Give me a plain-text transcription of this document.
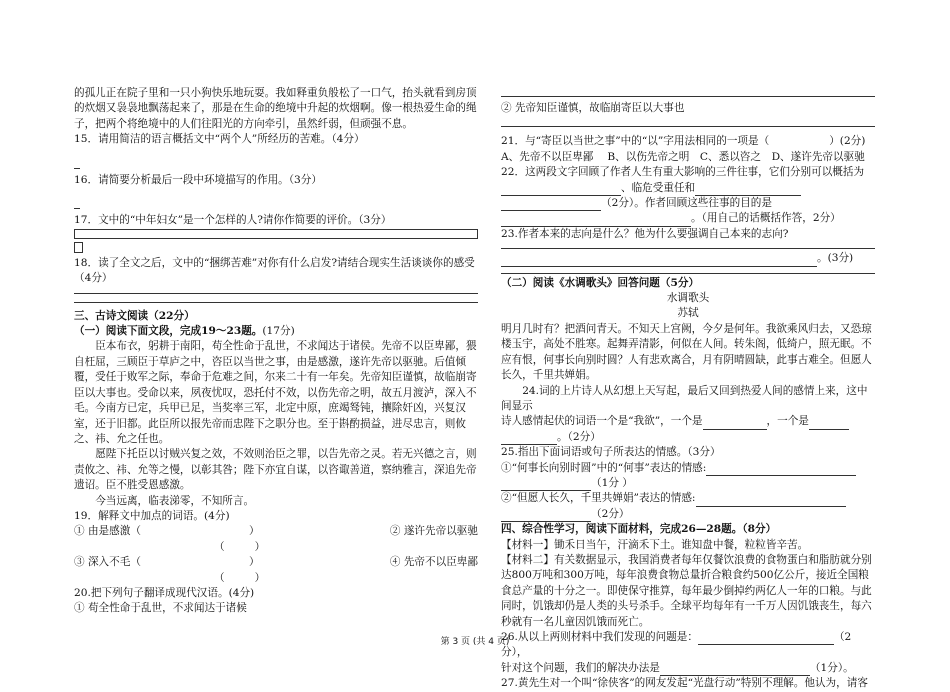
的孤儿正在院子里和一只小狗快乐地玩耍。我如释重负般松了一口气，抬头就看到房顶

的炊烟又袅袅地飘荡起来了，那是在生命的绝境中升起的炊烟啊。像一根热爱生命的绳

子，把两个将绝境中的人们往阳光的方向牵引，虽然纤弱，但顽强不息。

15．请用简洁的语言概括文中“两个人”所经历的苦难。（4分）

16．请简要分析最后一段中环境描写的作用。（3分）

17．文中的“中年妇女”是一个怎样的人?请你作简要的评价。（3分）

18．读了全文之后，文中的“捆绑苦难”对你有什么启发?请结合现实生活谈谈你的感受

（4分）

三、古诗文阅读（22分）

（一）阅读下面文段，完成19～23题。(17分)

臣本布衣，躬耕于南阳，苟全性命于乱世，不求闻达于诸侯。先帝不以臣卑鄙，猥自枉屈，三顾臣于草庐之中，咨臣以当世之事，由是感激，遂许先帝以驱驰。后值倾覆，受任于败军之际，奉命于危难之间，尔来二十有一年矣。先帝知臣谨慎，故临崩寄臣以大事也。受命以来，夙夜忧叹，恐托付不效，以伤先帝之明，故五月渡泸，深入不毛。今南方已定，兵甲已足，当奖率三军，北定中原，庶竭驽钝，攘除奸凶，兴复汉室，还于旧都。此臣所以报先帝而忠陛下之职分也。至于斟酌损益，进尽忠言，则攸之、祎、允之任也。

愿陛下托臣以讨贼兴复之效，不效则治臣之罪，以告先帝之灵。若无兴德之言，则责攸之、祎、允等之慢，以彰其咎；陛下亦宜自谋，以咨诹善道，察纳雅言，深追先帝遗诏。臣不胜受恩感激。

今当远离，临表涕零，不知所言。

19．解释文中加点的词语。(4分)

① 由是感激（	）	② 遂许先帝以驱驰
（	）
③ 深入不毛（	）	④ 先帝不以臣卑鄙
（	）

20.把下列句子翻译成现代汉语。(4分)

① 苟全性命于乱世，不求闻达于诸候

② 先帝知臣谨慎，故临崩寄臣以大事也

21．与“寄臣以当世之事”中的“以”字用法相同的一项是（	）(2分)

A、先帝不以臣卑鄙　 B、以伤先帝之明　C、悉以咨之　D、遂许先帝以驱驰

22．这两段文字回顾了作者人生有重大影响的三件往事，它们分别可以概括为

、临危受重任和

（2分）。作者回顾这些往事的目的是

。（用自己的话概括作答，2分）

23.作者本来的志向是什么？他为什么要强调自己本来的志向?

。(3分)

（二）阅读《水调歌头》回答问题（5分）

水调歌头

苏轼

明月几时有？把酒问青天。不知天上宫阙，今夕是何年。我欲乘风归去，又恐琼楼玉宇，高处不胜寒。起舞弄清影，何似在人间。转朱阁，低绮户，照无眠。不应有恨，何事长向别时圆？人有悲欢离合，月有阴晴圆缺，此事古难全。但愿人长久，千里共婵娟。

24.词的上片诗人从幻想上天写起，最后又回到热爱人间的感情上来，这中间显示

诗人感情起伏的词语一个是“我欲”，一个是	，一个是

。（2分）

25.指出下面词语或句子所表达的情感。（3分）

①“何事长向别时圆”中的“何事”表达的情感:

（1分 ）

②“但愿人长久，千里共婵娟”表达的情感:

（2分）

四、综合性学习，阅读下面材料，完成26—28题。（8分）

【材料一】锄禾日当午，汗滴禾下土。谁知盘中餐，粒粒皆辛苦。

【材料二】有关数据显示，我国消费者每年仅餐饮浪费的食物蛋白和脂肪就分别达800万吨和300万吨，每年浪费食物总量折合粮食约500亿公斤，接近全国粮食总产量的十分之一。即使保守推算，每年最少倒掉约两亿人一年的口粮。与此同时，饥饿却仍是人类的头号杀手。全球平均每年有一千万人因饥饿丧生，每六秒就有一名儿童因饥饿而死亡。

26.从以上两则材料中我们发现的问题是：	（2分），

针对这个问题，我们的解决办法是	（1分）。

27.黄先生对一个叫“徐侠客”的网友发起“光盘行动”特别不理解。他认为，请客

第 3 页 (共 4 页)
